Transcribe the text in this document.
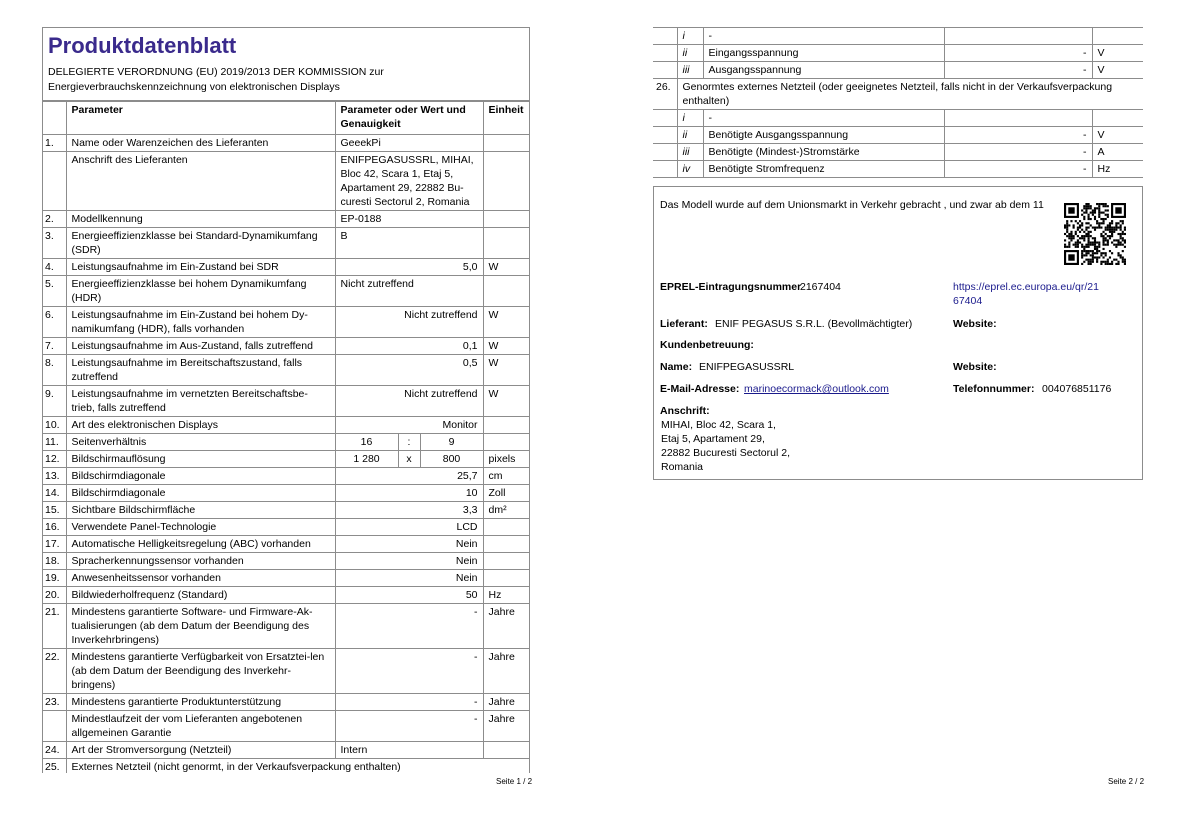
Produktdatenblatt
DELEGIERTE VERORDNUNG (EU) 2019/2013 DER KOMMISSION zur
Energieverbrauchskennzeichnung von elektronischen Displays
	Parameter	Parameter oder Wert und Genauigkeit			Einheit
1.	Name oder Warenzeichen des Lieferanten	GeeekPi			
	Anschrift des Lieferanten	ENIFPEGASUSSRL, MIHAI, Bloc 42, Scara 1, Etaj 5, Apartament 29, 22882 Bu-curesti Sectorul 2, Romania			
2.	Modellkennung	EP-0188			
3.	Energieeffizienzklasse bei Standard-Dynamikumfang (SDR)	B			
4.	Leistungsaufnahme im Ein-Zustand bei SDR	5,0			W
5.	Energieeffizienzklasse bei hohem Dynamikumfang (HDR)	Nicht zutreffend			
6.	Leistungsaufnahme im Ein-Zustand bei hohem Dy-namikumfang (HDR), falls vorhanden	Nicht zutreffend			W
7.	Leistungsaufnahme im Aus-Zustand, falls zutreffend	0,1			W
8.	Leistungsaufnahme im Bereitschaftszustand, falls zutreffend	0,5			W
9.	Leistungsaufnahme im vernetzten Bereitschaftsbe-trieb, falls zutreffend	Nicht zutreffend			W
10.	Art des elektronischen Displays	Monitor			
11.	Seitenverhältnis	16	:	9	
12.	Bildschirmauflösung	1 280	x	800	pixels
13.	Bildschirmdiagonale	25,7			cm
14.	Bildschirmdiagonale	10			Zoll
15.	Sichtbare Bildschirmfläche	3,3			dm²
16.	Verwendete Panel-Technologie	LCD			
17.	Automatische Helligkeitsregelung (ABC) vorhanden	Nein			
18.	Spracherkennungssensor vorhanden	Nein			
19.	Anwesenheitssensor vorhanden	Nein			
20.	Bildwiederholfrequenz (Standard)	50			Hz
21.	Mindestens garantierte Software- und Firmware-Ak-tualisierungen (ab dem Datum der Beendigung des Inverkehrbringens)	-			Jahre
22.	Mindestens garantierte Verfügbarkeit von Ersatztei-len (ab dem Datum der Beendigung des Inverkehr-bringens)	-			Jahre
23.	Mindestens garantierte Produktunterstützung	-			Jahre
	Mindestlaufzeit der vom Lieferanten angebotenen allgemeinen Garantie	-			Jahre
24.	Art der Stromversorgung (Netzteil)	Intern			
25.	Externes Netzteil (nicht genormt, in der Verkaufsverpackung enthalten)				
Seite 1 / 2
	i	-		
	ii	Eingangsspannung	-	V
	iii	Ausgangsspannung	-	V
26.	Genormtes externes Netzteil (oder geeignetes Netzteil, falls nicht in der Verkaufsverpackung enthalten)			
	i	-		
	ii	Benötigte Ausgangsspannung	-	V
	iii	Benötigte (Mindest-)Stromstärke	-	A
	iv	Benötigte Stromfrequenz	-	Hz
Das Modell wurde auf dem Unionsmarkt in Verkehr gebracht , und zwar ab dem 11
EPREL-Eintragungsnummer
2167404	https://eprel.ec.europa.eu/qr/21
67404
Lieferant: ENIF PEGASUS S.R.L. (Bevollmächtigter)	Website:
Kundenbetreuung:
Name: ENIFPEGASUSSRL	Website:
E-Mail-Adresse: marinoecormack@outlook.com	Telefonnummer: 004076851176
Anschrift:
MIHAI, Bloc 42, Scara 1,
Etaj 5, Apartament 29,
22882 Bucuresti Sectorul 2,
Romania
Seite 2 / 2
